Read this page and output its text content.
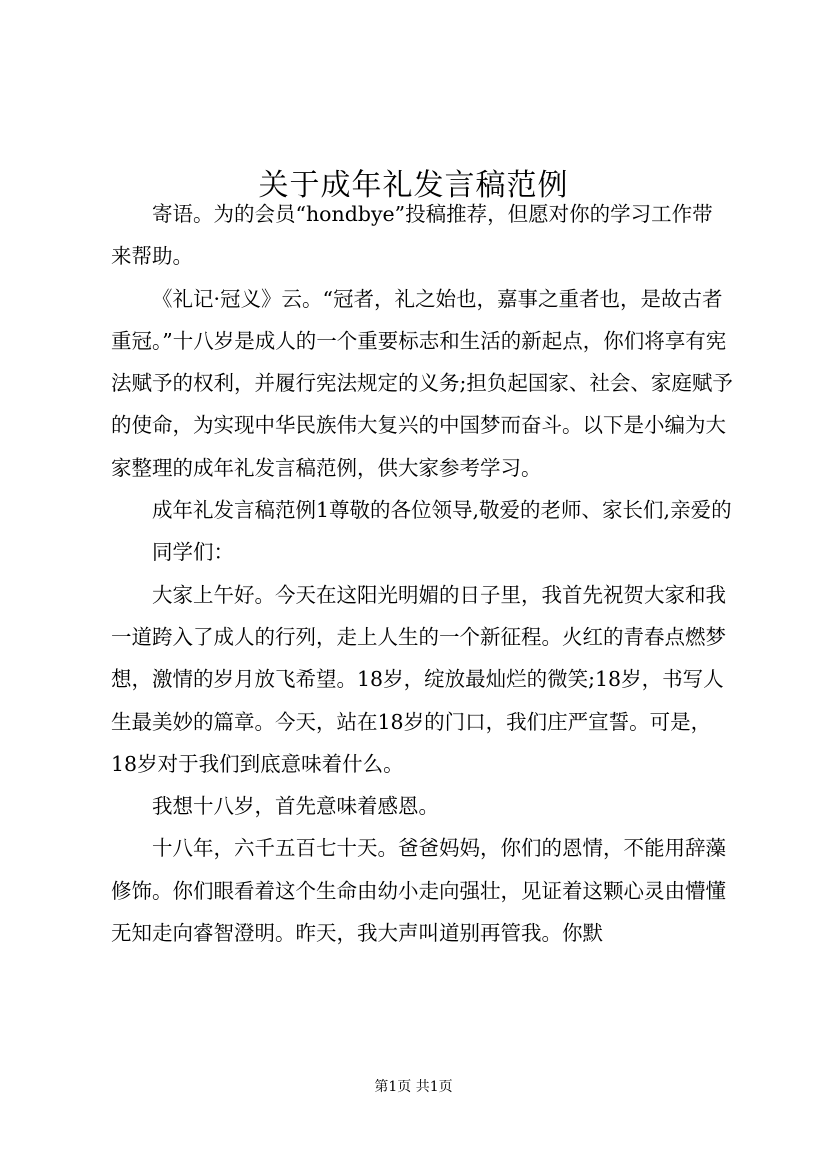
关于成年礼发言稿范例

寄语。为的会员“hondbye”投稿推荐，但愿对你的学习工作带来帮助。

《礼记·冠义》云。“冠者，礼之始也，嘉事之重者也，是故古者重冠。”十八岁是成人的一个重要标志和生活的新起点，你们将享有宪法赋予的权利，并履行宪法规定的义务;担负起国家、社会、家庭赋予的使命，为实现中华民族伟大复兴的中国梦而奋斗。以下是小编为大家整理的成年礼发言稿范例，供大家参考学习。

成年礼发言稿范例1尊敬的各位领导,敬爱的老师、家长们,亲爱的

同学们：

大家上午好。今天在这阳光明媚的日子里，我首先祝贺大家和我一道跨入了成人的行列，走上人生的一个新征程。火红的青春点燃梦想，激情的岁月放飞希望。18岁，绽放最灿烂的微笑;18岁，书写人生最美妙的篇章。今天，站在18岁的门口，我们庄严宣誓。可是，18岁对于我们到底意味着什么。

我想十八岁，首先意味着感恩。

十八年，六千五百七十天。爸爸妈妈，你们的恩情，不能用辞藻修饰。你们眼看着这个生命由幼小走向强壮，见证着这颗心灵由懵懂无知走向睿智澄明。昨天，我大声叫道别再管我。你默

第1页 共1页
